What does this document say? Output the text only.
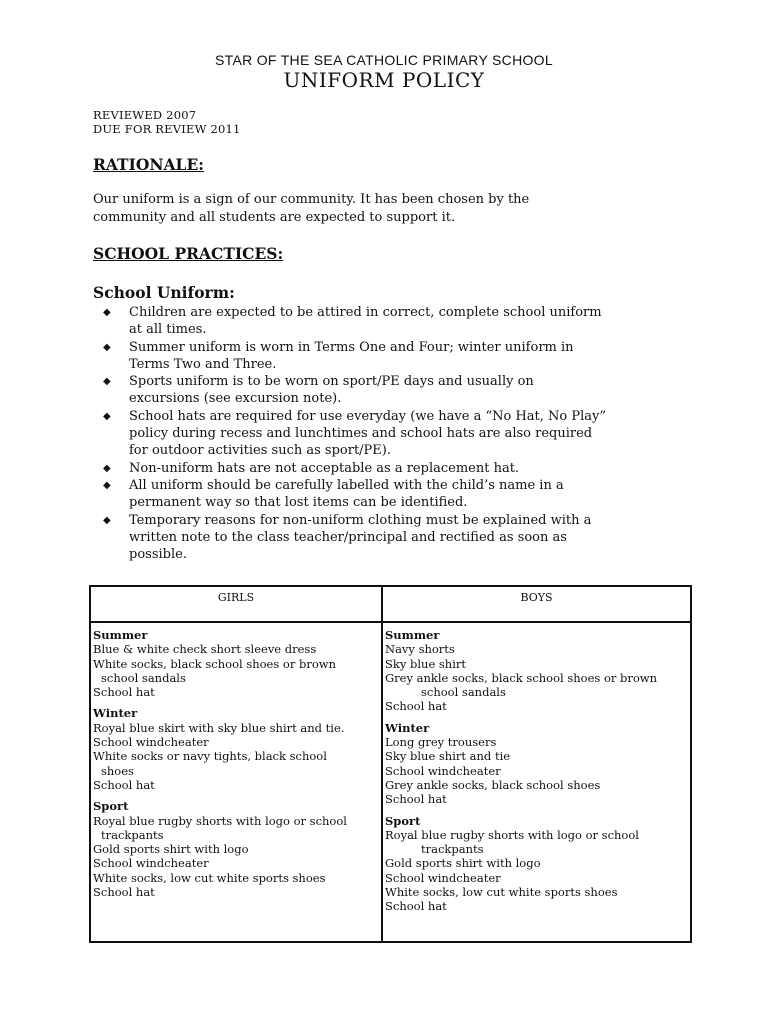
STAR OF THE SEA CATHOLIC PRIMARY SCHOOL
UNIFORM POLICY
REVIEWED 2007
DUE FOR REVIEW 2011
RATIONALE:
Our uniform is a sign of our community. It has been chosen by the
community and all students are expected to support it.
SCHOOL PRACTICES:
School Uniform:
◆ Children are expected to be attired in correct, complete school uniform
at all times.
◆ Summer uniform is worn in Terms One and Four; winter uniform in
Terms Two and Three.
◆ Sports uniform is to be worn on sport/PE days and usually on
excursions (see excursion note).
◆ School hats are required for use everyday (we have a “No Hat, No Play”
policy during recess and lunchtimes and school hats are also required
for outdoor activities such as sport/PE).
◆ Non-uniform hats are not acceptable as a replacement hat.
◆ All uniform should be carefully labelled with the child’s name in a
permanent way so that lost items can be identified.
◆ Temporary reasons for non-uniform clothing must be explained with a
written note to the class teacher/principal and rectified as soon as
possible.
GIRLS	BOYS
Summer
Blue & white check short sleeve dress
White socks, black school shoes or brown
school sandals
School hat
Winter
Royal blue skirt with sky blue shirt and tie.
School windcheater
White socks or navy tights, black school
shoes
School hat
Sport
Royal blue rugby shorts with logo or school
trackpants
Gold sports shirt with logo
School windcheater
White socks, low cut white sports shoes
School hat
Summer
Navy shorts
Sky blue shirt
Grey ankle socks, black school shoes or brown
school sandals
School hat
Winter
Long grey trousers
Sky blue shirt and tie
School windcheater
Grey ankle socks, black school shoes
School hat
Sport
Royal blue rugby shorts with logo or school
trackpants
Gold sports shirt with logo
School windcheater
White socks, low cut white sports shoes
School hat
